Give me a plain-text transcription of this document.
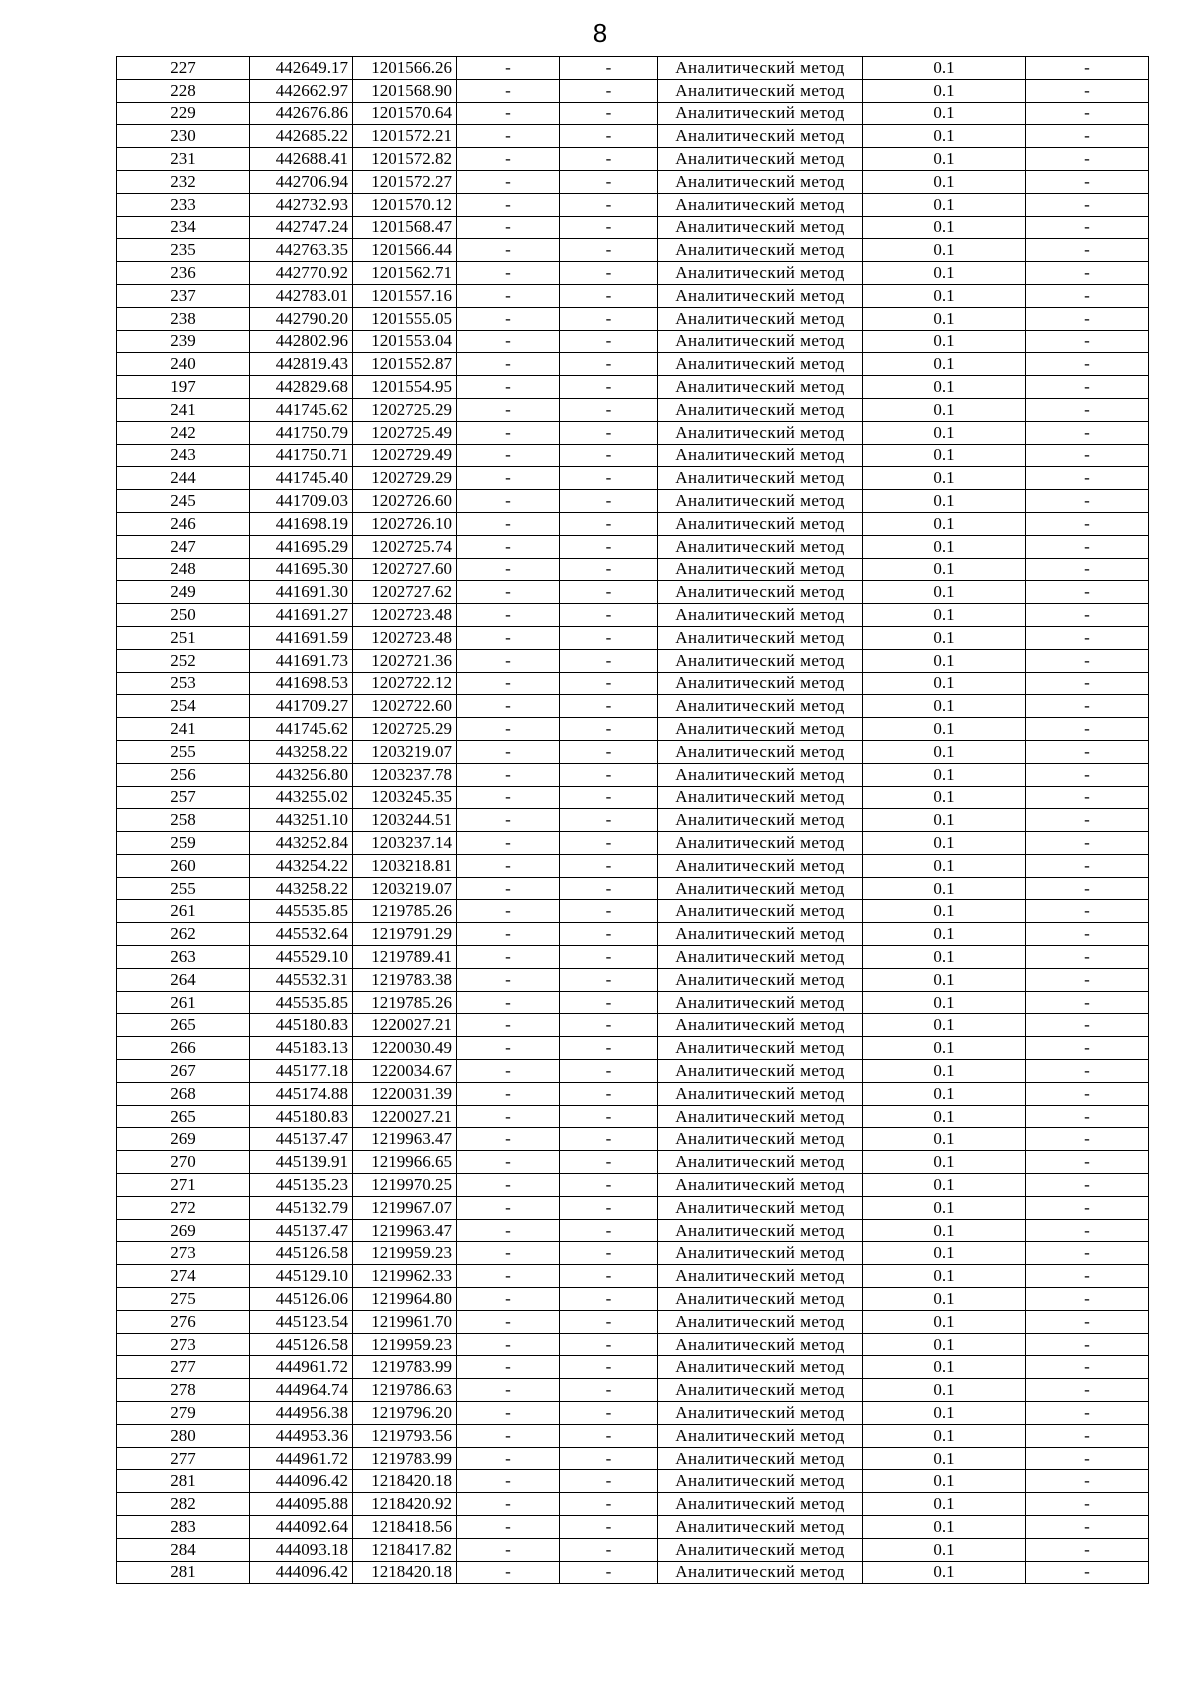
8
227	442649.17	1201566.26	-	-	Аналитический метод	0.1	-
228	442662.97	1201568.90	-	-	Аналитический метод	0.1	-
229	442676.86	1201570.64	-	-	Аналитический метод	0.1	-
230	442685.22	1201572.21	-	-	Аналитический метод	0.1	-
231	442688.41	1201572.82	-	-	Аналитический метод	0.1	-
232	442706.94	1201572.27	-	-	Аналитический метод	0.1	-
233	442732.93	1201570.12	-	-	Аналитический метод	0.1	-
234	442747.24	1201568.47	-	-	Аналитический метод	0.1	-
235	442763.35	1201566.44	-	-	Аналитический метод	0.1	-
236	442770.92	1201562.71	-	-	Аналитический метод	0.1	-
237	442783.01	1201557.16	-	-	Аналитический метод	0.1	-
238	442790.20	1201555.05	-	-	Аналитический метод	0.1	-
239	442802.96	1201553.04	-	-	Аналитический метод	0.1	-
240	442819.43	1201552.87	-	-	Аналитический метод	0.1	-
197	442829.68	1201554.95	-	-	Аналитический метод	0.1	-
241	441745.62	1202725.29	-	-	Аналитический метод	0.1	-
242	441750.79	1202725.49	-	-	Аналитический метод	0.1	-
243	441750.71	1202729.49	-	-	Аналитический метод	0.1	-
244	441745.40	1202729.29	-	-	Аналитический метод	0.1	-
245	441709.03	1202726.60	-	-	Аналитический метод	0.1	-
246	441698.19	1202726.10	-	-	Аналитический метод	0.1	-
247	441695.29	1202725.74	-	-	Аналитический метод	0.1	-
248	441695.30	1202727.60	-	-	Аналитический метод	0.1	-
249	441691.30	1202727.62	-	-	Аналитический метод	0.1	-
250	441691.27	1202723.48	-	-	Аналитический метод	0.1	-
251	441691.59	1202723.48	-	-	Аналитический метод	0.1	-
252	441691.73	1202721.36	-	-	Аналитический метод	0.1	-
253	441698.53	1202722.12	-	-	Аналитический метод	0.1	-
254	441709.27	1202722.60	-	-	Аналитический метод	0.1	-
241	441745.62	1202725.29	-	-	Аналитический метод	0.1	-
255	443258.22	1203219.07	-	-	Аналитический метод	0.1	-
256	443256.80	1203237.78	-	-	Аналитический метод	0.1	-
257	443255.02	1203245.35	-	-	Аналитический метод	0.1	-
258	443251.10	1203244.51	-	-	Аналитический метод	0.1	-
259	443252.84	1203237.14	-	-	Аналитический метод	0.1	-
260	443254.22	1203218.81	-	-	Аналитический метод	0.1	-
255	443258.22	1203219.07	-	-	Аналитический метод	0.1	-
261	445535.85	1219785.26	-	-	Аналитический метод	0.1	-
262	445532.64	1219791.29	-	-	Аналитический метод	0.1	-
263	445529.10	1219789.41	-	-	Аналитический метод	0.1	-
264	445532.31	1219783.38	-	-	Аналитический метод	0.1	-
261	445535.85	1219785.26	-	-	Аналитический метод	0.1	-
265	445180.83	1220027.21	-	-	Аналитический метод	0.1	-
266	445183.13	1220030.49	-	-	Аналитический метод	0.1	-
267	445177.18	1220034.67	-	-	Аналитический метод	0.1	-
268	445174.88	1220031.39	-	-	Аналитический метод	0.1	-
265	445180.83	1220027.21	-	-	Аналитический метод	0.1	-
269	445137.47	1219963.47	-	-	Аналитический метод	0.1	-
270	445139.91	1219966.65	-	-	Аналитический метод	0.1	-
271	445135.23	1219970.25	-	-	Аналитический метод	0.1	-
272	445132.79	1219967.07	-	-	Аналитический метод	0.1	-
269	445137.47	1219963.47	-	-	Аналитический метод	0.1	-
273	445126.58	1219959.23	-	-	Аналитический метод	0.1	-
274	445129.10	1219962.33	-	-	Аналитический метод	0.1	-
275	445126.06	1219964.80	-	-	Аналитический метод	0.1	-
276	445123.54	1219961.70	-	-	Аналитический метод	0.1	-
273	445126.58	1219959.23	-	-	Аналитический метод	0.1	-
277	444961.72	1219783.99	-	-	Аналитический метод	0.1	-
278	444964.74	1219786.63	-	-	Аналитический метод	0.1	-
279	444956.38	1219796.20	-	-	Аналитический метод	0.1	-
280	444953.36	1219793.56	-	-	Аналитический метод	0.1	-
277	444961.72	1219783.99	-	-	Аналитический метод	0.1	-
281	444096.42	1218420.18	-	-	Аналитический метод	0.1	-
282	444095.88	1218420.92	-	-	Аналитический метод	0.1	-
283	444092.64	1218418.56	-	-	Аналитический метод	0.1	-
284	444093.18	1218417.82	-	-	Аналитический метод	0.1	-
281	444096.42	1218420.18	-	-	Аналитический метод	0.1	-
